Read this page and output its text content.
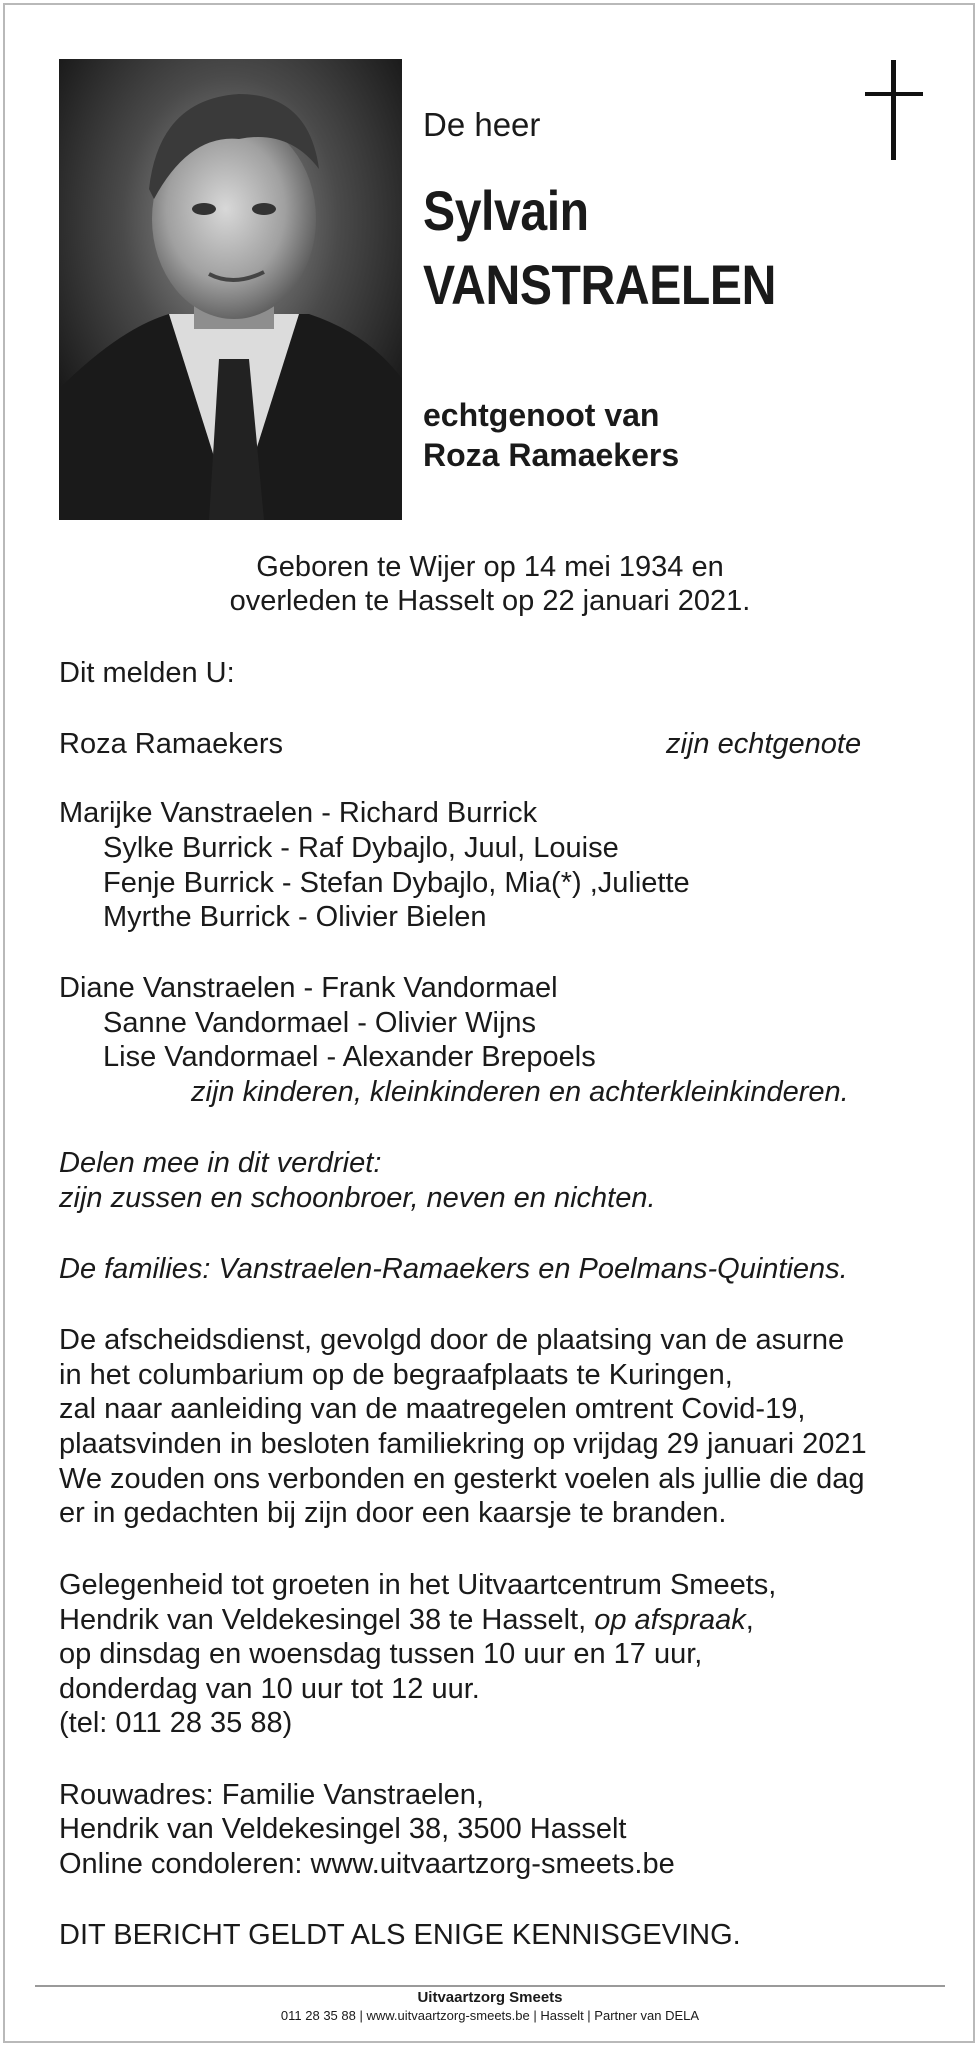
De heer
Sylvain
VANSTRAELEN
echtgenoot van
Roza Ramaekers
Geboren te Wijer op 14 mei 1934 en
overleden te Hasselt op 22 januari 2021.
Dit melden U:
Roza Ramaekers	zijn echtgenote
Marijke Vanstraelen - Richard Burrick
Sylke Burrick - Raf Dybajlo, Juul, Louise
Fenje Burrick - Stefan Dybajlo, Mia(*) ,Juliette
Myrthe Burrick - Olivier Bielen
Diane Vanstraelen - Frank Vandormael
Sanne Vandormael - Olivier Wijns
Lise Vandormael - Alexander Brepoels
zijn kinderen, kleinkinderen en achterkleinkinderen.
Delen mee in dit verdriet:
zijn zussen en schoonbroer, neven en nichten.
De families: Vanstraelen-Ramaekers en Poelmans-Quintiens.
De afscheidsdienst, gevolgd door de plaatsing van de asurne
in het columbarium op de begraafplaats te Kuringen,
zal naar aanleiding van de maatregelen omtrent Covid-19,
plaatsvinden in besloten familiekring op vrijdag 29 januari 2021
We zouden ons verbonden en gesterkt voelen als jullie die dag
er in gedachten bij zijn door een kaarsje te branden.
Gelegenheid tot groeten in het Uitvaartcentrum Smeets,
Hendrik van Veldekesingel 38 te Hasselt, op afspraak,
op dinsdag en woensdag tussen 10 uur en 17 uur,
donderdag van 10 uur tot 12 uur.
(tel: 011 28 35 88)
Rouwadres: Familie Vanstraelen,
Hendrik van Veldekesingel 38, 3500 Hasselt
Online condoleren: www.uitvaartzorg-smeets.be
DIT BERICHT GELDT ALS ENIGE KENNISGEVING.
Uitvaartzorg Smeets
011 28 35 88 | www.uitvaartzorg-smeets.be | Hasselt | Partner van DELA
